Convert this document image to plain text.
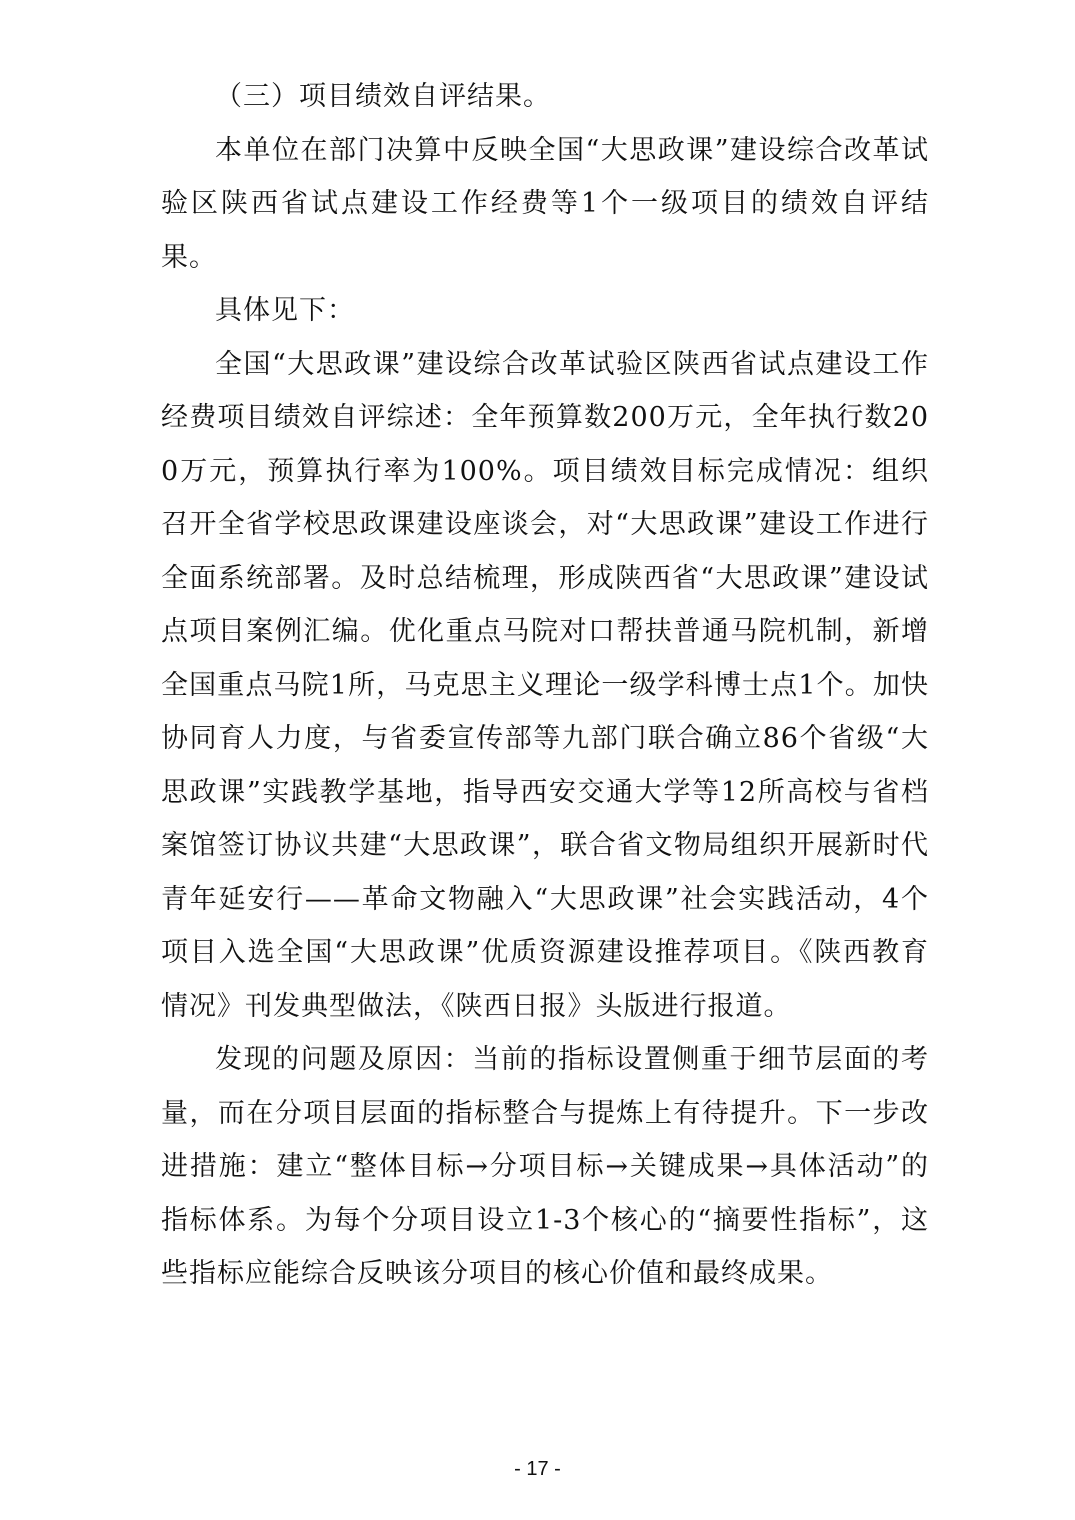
（三）项目绩效自评结果。

本单位在部门决算中反映全国“大思政课”建设综合改革试验区陕西省试点建设工作经费等1个一级项目的绩效自评结果。

具体见下：

全国“大思政课”建设综合改革试验区陕西省试点建设工作经费项目绩效自评综述：全年预算数200万元，全年执行数200万元，预算执行率为100%。项目绩效目标完成情况：组织召开全省学校思政课建设座谈会，对“大思政课”建设工作进行全面系统部署。及时总结梳理，形成陕西省“大思政课”建设试点项目案例汇编。优化重点马院对口帮扶普通马院机制，新增全国重点马院1所，马克思主义理论一级学科博士点1个。加快协同育人力度，与省委宣传部等九部门联合确立86个省级“大思政课”实践教学基地，指导西安交通大学等12所高校与省档案馆签订协议共建“大思政课”，联合省文物局组织开展新时代青年延安行——革命文物融入“大思政课”社会实践活动，4个项目入选全国“大思政课”优质资源建设推荐项目。《陕西教育情况》刊发典型做法，《陕西日报》头版进行报道。

发现的问题及原因：当前的指标设置侧重于细节层面的考量，而在分项目层面的指标整合与提炼上有待提升。下一步改进措施：建立“整体目标→分项目标→关键成果→具体活动”的指标体系。为每个分项目设立1-3个核心的“摘要性指标”，这些指标应能综合反映该分项目的核心价值和最终成果。

- 17 -
